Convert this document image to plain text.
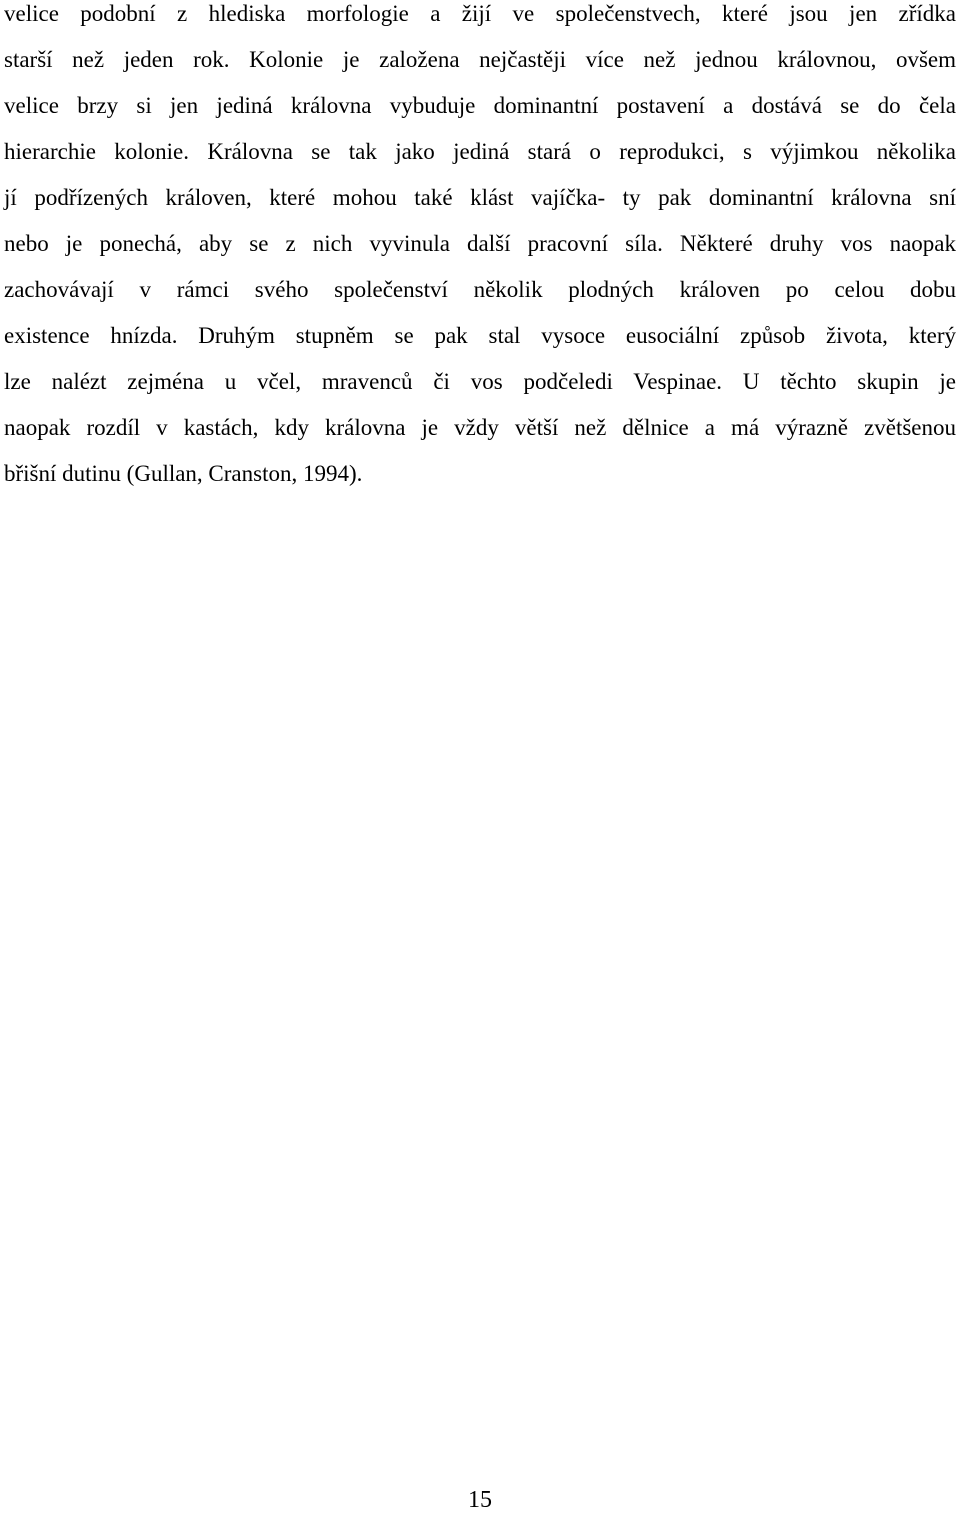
velice podobní z hlediska morfologie a žijí ve společenstvech, které jsou jen zřídka
starší než jeden rok. Kolonie je založena nejčastěji více než jednou královnou, ovšem
velice brzy si jen jediná královna vybuduje dominantní postavení a dostává se do čela
hierarchie kolonie. Královna se tak jako jediná stará o reprodukci, s výjimkou několika
jí podřízených královen, které mohou také klást vajíčka- ty pak dominantní královna sní
nebo je ponechá, aby se z nich vyvinula další pracovní síla. Některé druhy vos naopak
zachovávají v rámci svého společenství několik plodných královen po celou dobu
existence hnízda. Druhým stupněm se pak stal vysoce eusociální způsob života, který
lze nalézt zejména u včel, mravenců či vos podčeledi Vespinae. U těchto skupin je
naopak rozdíl v kastách, kdy královna je vždy větší než dělnice a má výrazně zvětšenou
břišní dutinu (Gullan, Cranston, 1994).
15
